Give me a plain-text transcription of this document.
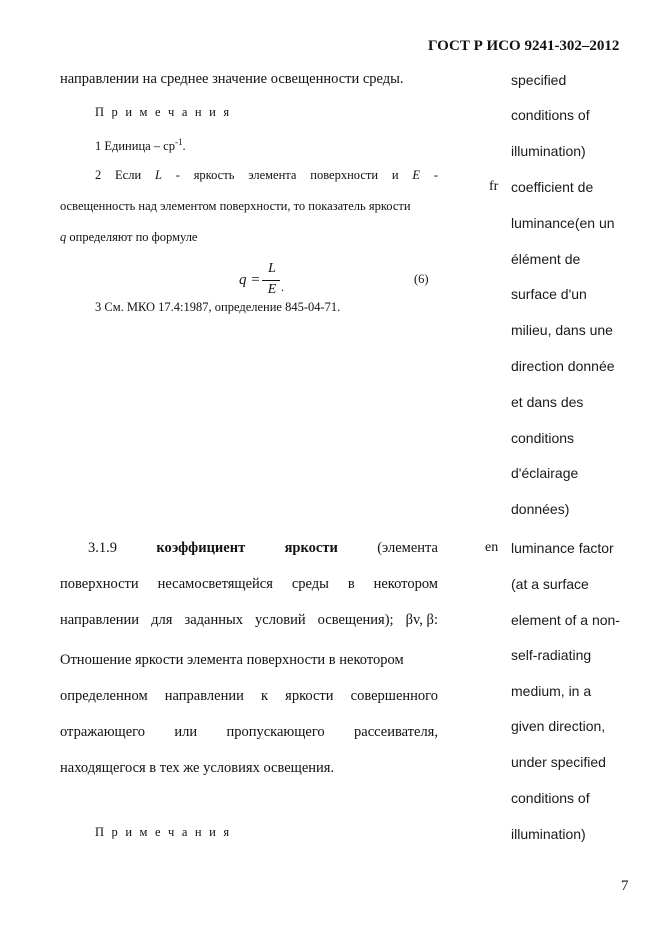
ГОСТ Р ИСО 9241-302–2012
направлении на среднее значение освещенности среды.
П р и м е ч а н и я
1 Единица – $ср^{-1}$.
2 Если L - яркость элемента поверхности и E -
освещенность над элементом поверхности, то показатель яркости
q определяют по формуле
q =
L
E .
(6)
3 См. МКО 17.4:1987, определение 845-04-71.
3.1.9	коэффициент	яркости	(элемента
поверхности несамосветящейся среды в некотором
направлении для заданных условий освещения); βv, β:
Отношение яркости элемента поверхности в некотором
определенном направлении к яркости совершенного
отражающего или пропускающего рассеивателя,
находящегося в тех же условиях освещения.
П р и м е ч а н и я
fr
en
specified
conditions of
illumination)
coefficient de
luminance(en un
élément de
surface d'un
milieu, dans une
direction donnée
et dans des
conditions
d'éclairage
données)
luminance factor
(at a surface
element of a non-
self-radiating
medium, in a
given direction,
under specified
conditions of
illumination)
7
